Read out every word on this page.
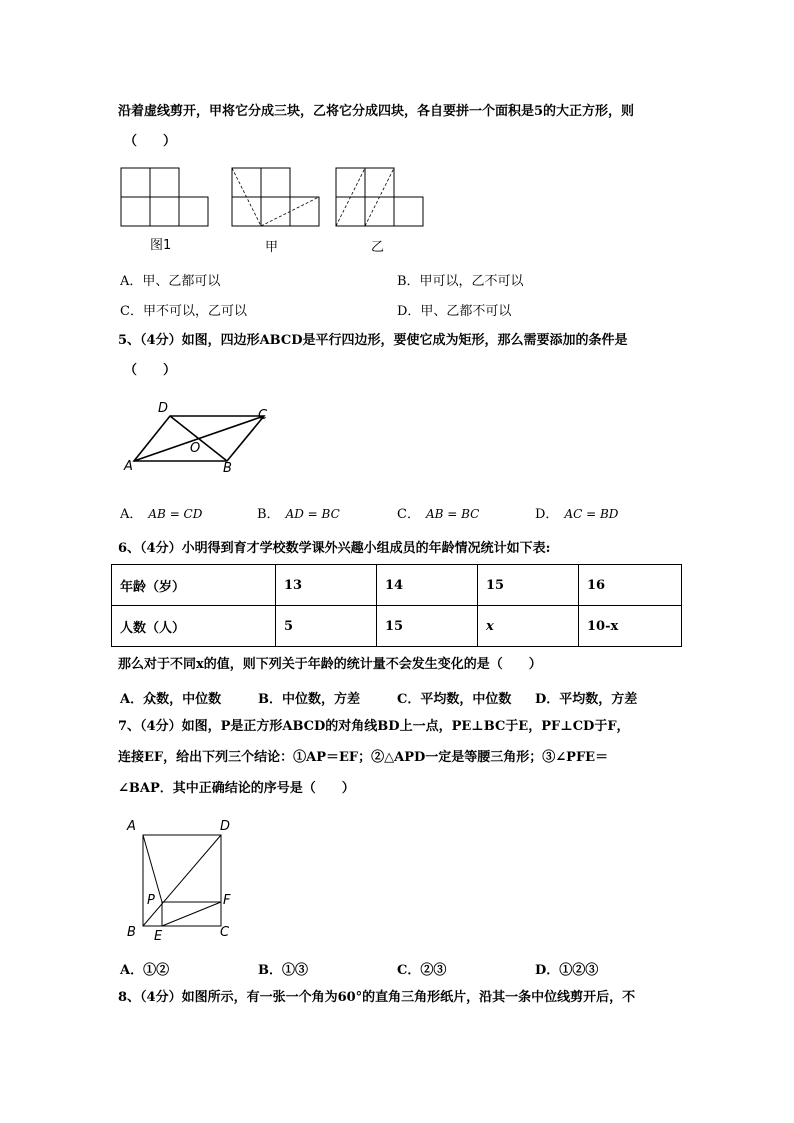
沿着虚线剪开，甲将它分成三块，乙将它分成四块，各自要拼一个面积是5的大正方形，则
（　　）
图1	甲	乙
A．甲、乙都可以	B．甲可以，乙不可以
C．甲不可以，乙可以	D．甲、乙都不可以
5、（4分）如图，四边形ABCD是平行四边形，要使它成为矩形，那么需要添加的条件是
（　　）
D	C
O
A	B
A． AB = CD	B． AD = BC	C． AB = BC	D． AC = BD
6、（4分）小明得到育才学校数学课外兴趣小组成员的年龄情况统计如下表:
年龄（岁）	13	14	15	16
人数（人）	5	15	x	10-x
那么对于不同x的值，则下列关于年龄的统计量不会发生变化的是（　　）
A．众数，中位数	B．中位数，方差	C．平均数，中位数 D．平均数，方差
7、（4分）如图，P是正方形ABCD的对角线BD上一点，PE⊥BC于E，PF⊥CD于F，
连接EF，给出下列三个结论：①AP＝EF；②△APD一定是等腰三角形；③∠PFE＝
∠BAP．其中正确结论的序号是（　　）
A	D
P	F
B E	C
A．①②	B．①③	C．②③	D．①②③
8、（4分）如图所示，有一张一个角为60°的直角三角形纸片，沿其一条中位线剪开后，不
